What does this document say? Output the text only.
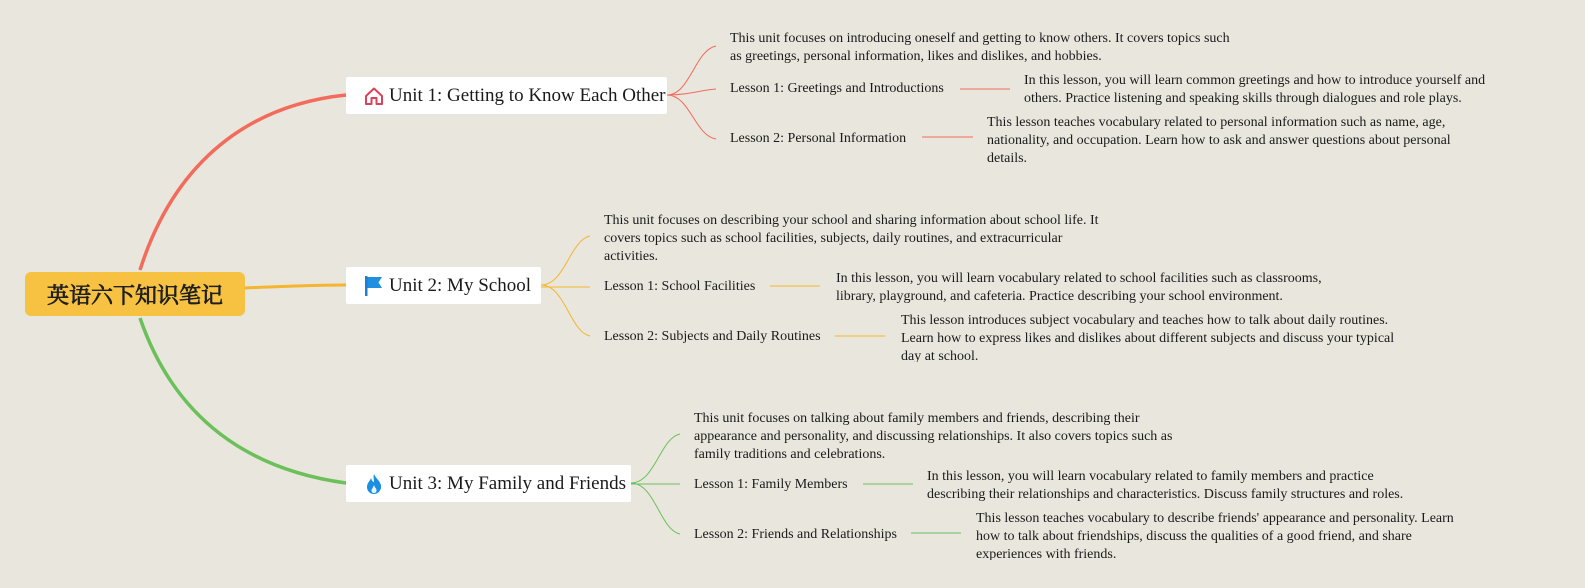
英语六下知识笔记
Unit 1: Getting to Know Each Other
This unit focuses on introducing oneself and getting to know others. It covers topics such as greetings, personal information, likes and dislikes, and hobbies.
Lesson 1: Greetings and Introductions
In this lesson, you will learn common greetings and how to introduce yourself and others. Practice listening and speaking skills through dialogues and role plays.
Lesson 2: Personal Information
This lesson teaches vocabulary related to personal information such as name, age, nationality, and occupation. Learn how to ask and answer questions about personal details.
Unit 2: My School
This unit focuses on describing your school and sharing information about school life. It covers topics such as school facilities, subjects, daily routines, and extracurricular activities.
Lesson 1: School Facilities
In this lesson, you will learn vocabulary related to school facilities such as classrooms, library, playground, and cafeteria. Practice describing your school environment.
Lesson 2: Subjects and Daily Routines
This lesson introduces subject vocabulary and teaches how to talk about daily routines. Learn how to express likes and dislikes about different subjects and discuss your typical day at school.
Unit 3: My Family and Friends
This unit focuses on talking about family members and friends, describing their appearance and personality, and discussing relationships. It also covers topics such as family traditions and celebrations.
Lesson 1: Family Members
In this lesson, you will learn vocabulary related to family members and practice describing their relationships and characteristics. Discuss family structures and roles.
Lesson 2: Friends and Relationships
This lesson teaches vocabulary to describe friends' appearance and personality. Learn how to talk about friendships, discuss the qualities of a good friend, and share experiences with friends.
